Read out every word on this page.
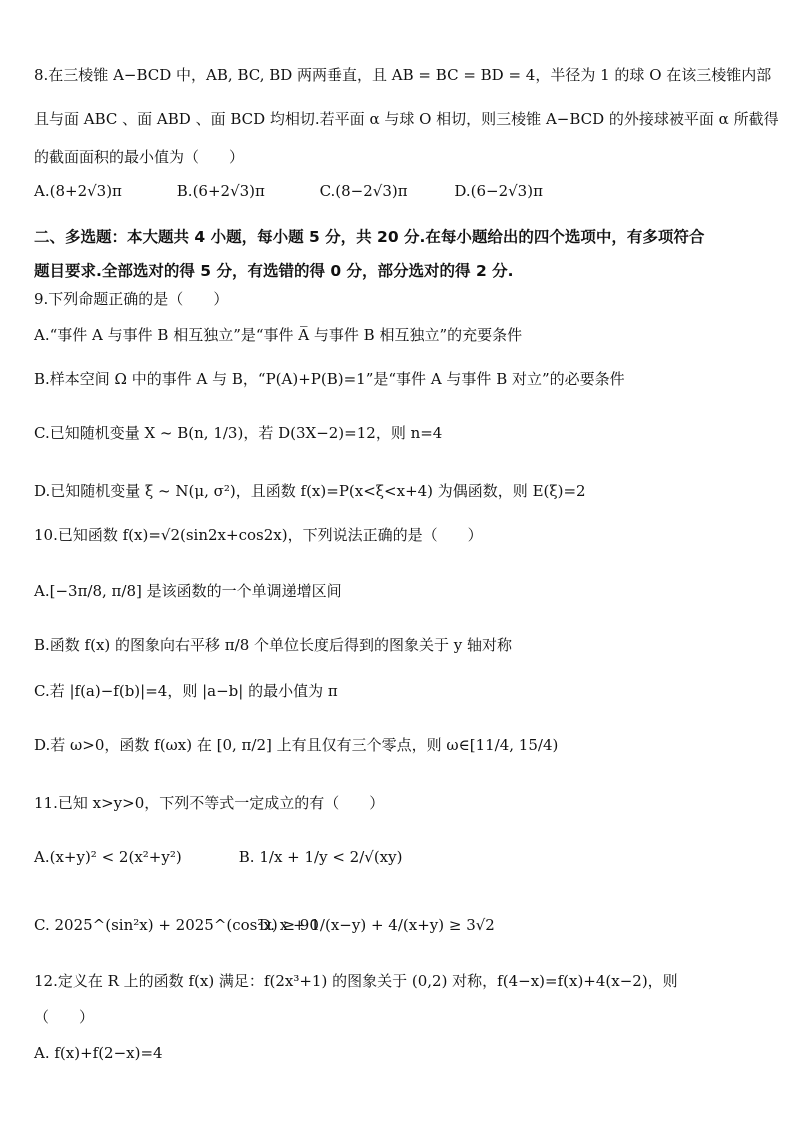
8.在三棱锥 A−BCD 中，AB, BC, BD 两两垂直，且 AB = BC = BD = 4，半径为 1 的球 O 在该三棱锥内部
且与面 ABC 、面 ABD 、面 BCD 均相切.若平面 α 与球 O 相切，则三棱锥 A−BCD 的外接球被平面 α 所截得
的截面面积的最小值为（　　）
A.(8+2√3)π	B.(6+2√3)π	C.(8−2√3)π	D.(6−2√3)π
二、多选题：本大题共 4 小题，每小题 5 分，共 20 分.在每小题给出的四个选项中，有多项符合
题目要求.全部选对的得 5 分，有选错的得 0 分，部分选对的得 2 分.
9.下列命题正确的是（　　）
A.“事件 A 与事件 B 相互独立”是“事件 A̅ 与事件 B 相互独立”的充要条件
B.样本空间 Ω 中的事件 A 与 B，“P(A)+P(B)=1”是“事件 A 与事件 B 对立”的必要条件
C.已知随机变量 X ~ B(n, 1/3)，若 D(3X−2)=12，则 n=4
D.已知随机变量 ξ ~ N(μ, σ²)，且函数 f(x)=P(x<ξ<x+4) 为偶函数，则 E(ξ)=2
10.已知函数 f(x)=√2(sin2x+cos2x)，下列说法正确的是（　　）
A.[−3π/8, π/8] 是该函数的一个单调递增区间
B.函数 f(x) 的图象向右平移 π/8 个单位长度后得到的图象关于 y 轴对称
C.若 |f(a)−f(b)|=4，则 |a−b| 的最小值为 π
D.若 ω>0，函数 f(ωx) 在 [0, π/2] 上有且仅有三个零点，则 ω∈[11/4, 15/4)
11.已知 x>y>0，下列不等式一定成立的有（　　）
A.(x+y)² < 2(x²+y²)	B. 1/x + 1/y < 2/√(xy)
C. 2025^(sin²x) + 2025^(cos²x) ≥ 90 D. x + 1/(x−y) + 4/(x+y) ≥ 3√2
12.定义在 R 上的函数 f(x) 满足：f(2x³+1) 的图象关于 (0,2) 对称，f(4−x)=f(x)+4(x−2)，则
（　　）
A. f(x)+f(2−x)=4
